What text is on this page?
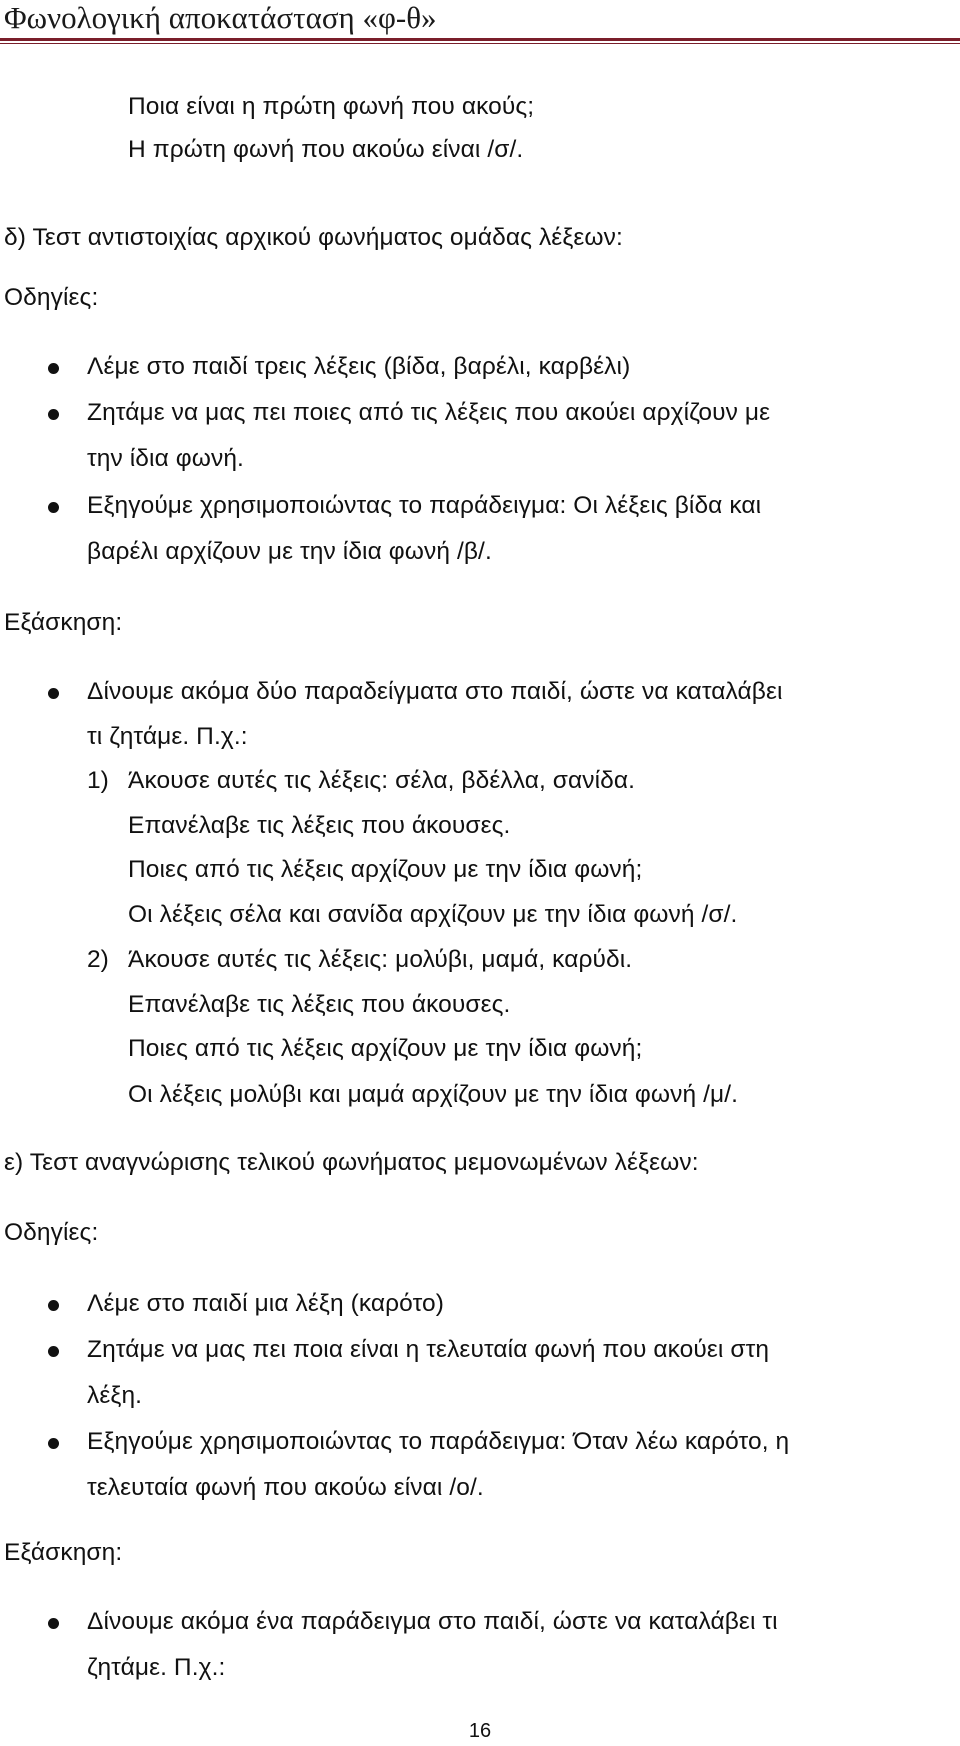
Φωνολογική αποκατάσταση «φ-θ»
Ποια είναι η πρώτη φωνή που ακούς;
Η πρώτη φωνή που ακούω είναι /σ/.
δ) Τεστ αντιστοιχίας αρχικού φωνήματος ομάδας λέξεων:
Οδηγίες:
Λέμε στο παιδί τρεις λέξεις (βίδα, βαρέλι, καρβέλι)
Ζητάμε να μας πει ποιες από τις λέξεις που ακούει αρχίζουν με
την ίδια φωνή.
Εξηγούμε χρησιμοποιώντας το παράδειγμα: Οι λέξεις βίδα και
βαρέλι αρχίζουν με την ίδια φωνή /β/.
Εξάσκηση:
Δίνουμε ακόμα δύο παραδείγματα στο παιδί, ώστε να καταλάβει
τι ζητάμε. Π.χ.:
1) Άκουσε αυτές τις λέξεις: σέλα, βδέλλα, σανίδα.
Επανέλαβε τις λέξεις που άκουσες.
Ποιες από τις λέξεις αρχίζουν με την ίδια φωνή;
Οι λέξεις σέλα και σανίδα αρχίζουν με την ίδια φωνή /σ/.
2) Άκουσε αυτές τις λέξεις: μολύβι, μαμά, καρύδι.
Επανέλαβε τις λέξεις που άκουσες.
Ποιες από τις λέξεις αρχίζουν με την ίδια φωνή;
Οι λέξεις μολύβι και μαμά αρχίζουν με την ίδια φωνή /μ/.
ε) Τεστ αναγνώρισης τελικού φωνήματος μεμονωμένων λέξεων:
Οδηγίες:
Λέμε στο παιδί μια λέξη (καρότο)
Ζητάμε να μας πει ποια είναι η τελευταία φωνή που ακούει στη
λέξη.
Εξηγούμε χρησιμοποιώντας το παράδειγμα: Όταν λέω καρότο, η
τελευταία φωνή που ακούω είναι /ο/.
Εξάσκηση:
Δίνουμε ακόμα ένα παράδειγμα στο παιδί, ώστε να καταλάβει τι
ζητάμε. Π.χ.:
16
